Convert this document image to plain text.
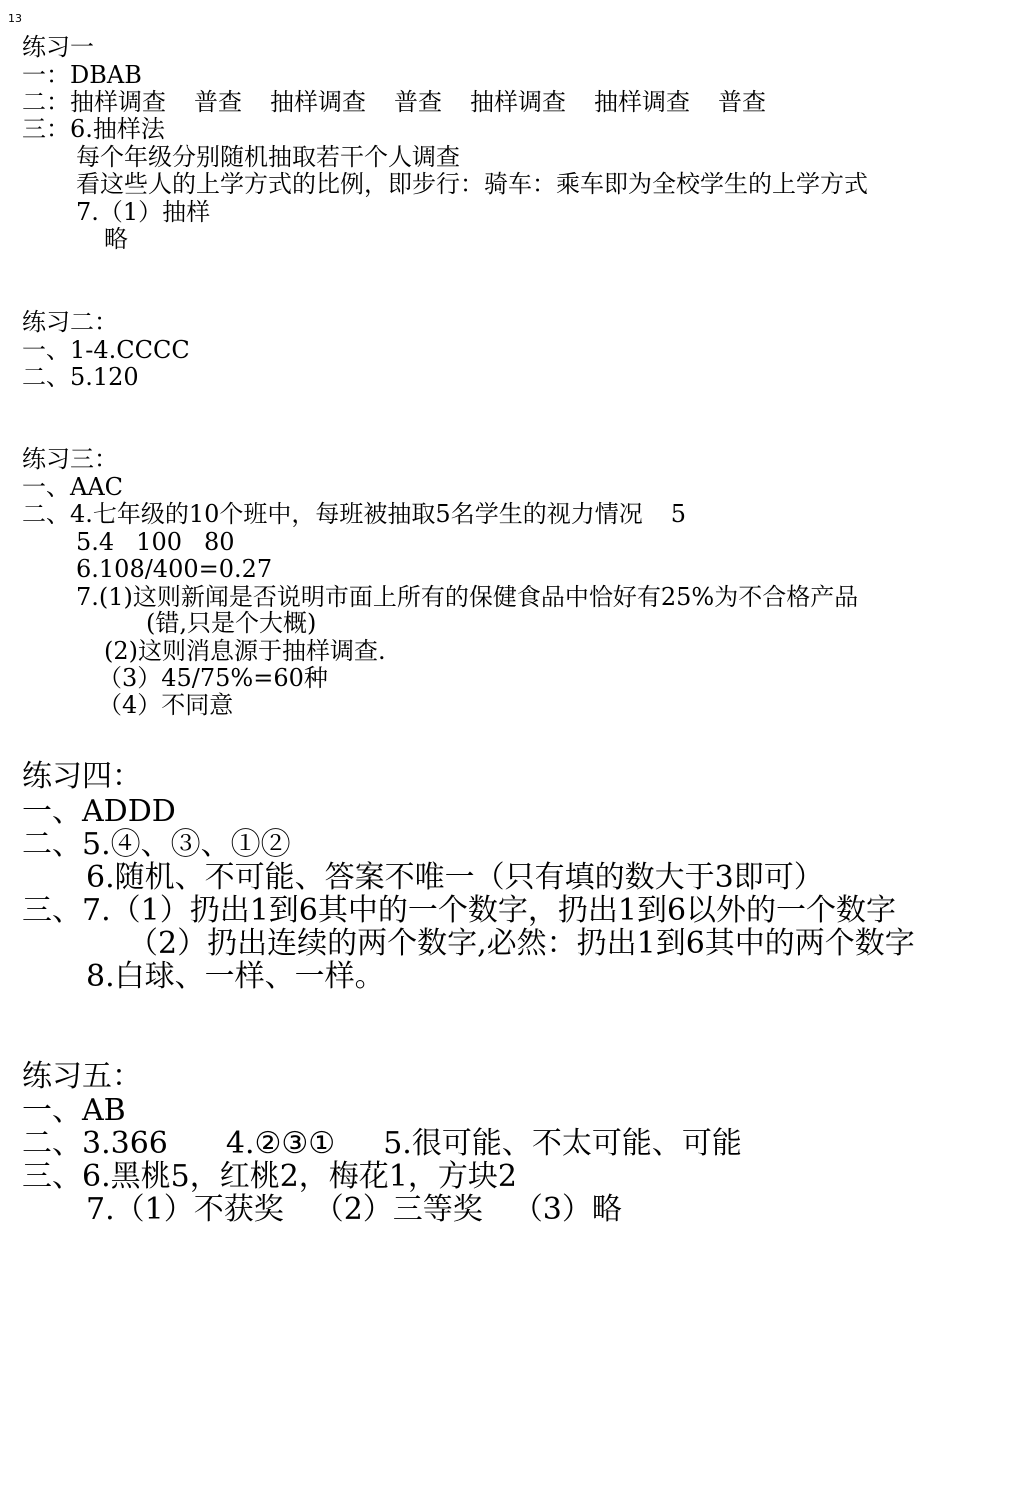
13
练习一
一：DBAB
二：抽样调查 普查 抽样调查 普查 抽样调查 抽样调查 普查
三：6.抽样法
每个年级分别随机抽取若干个人调查
看这些人的上学方式的比例，即步行：骑车：乘车即为全校学生的上学方式
7.（1）抽样
略
练习二：
一、1-4.CCCC
二、5.120
练习三：
一、AAC
二、4.七年级的10个班中，每班被抽取5名学生的视力情况 5
5.4 100 80
6.108/400=0.27
7.(1)这则新闻是否说明市面上所有的保健食品中恰好有25%为不合格产品
(错,只是个大概)
(2)这则消息源于抽样调查.
（3）45/75%=60种
（4）不同意
练习四：
一、ADDD
二、5.④、③、①②
6.随机、不可能、答案不唯一（只有填的数大于3即可）
三、7.（1）扔出1到6其中的一个数字，扔出1到6以外的一个数字
（2）扔出连续的两个数字,必然：扔出1到6其中的两个数字
8.白球、一样、一样。
练习五：
一、AB
二、3.366 4.②③① 5.很可能、不太可能、可能
三、6.黑桃5，红桃2，梅花1，方块2
7.（1）不获奖 （2）三等奖 （3）略
